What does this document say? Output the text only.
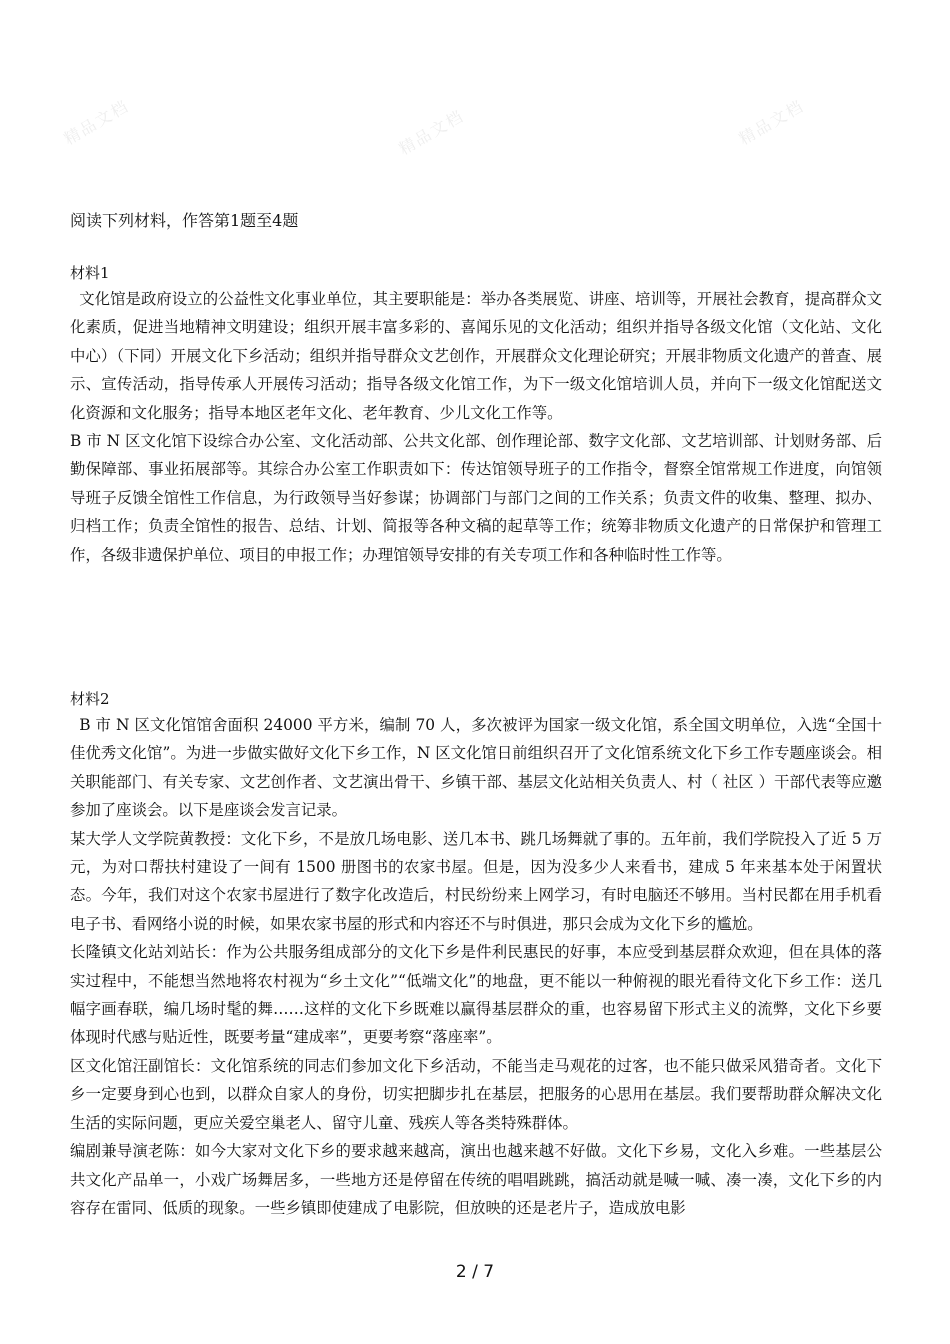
精品文档	精品文档	精品文档
阅读下列材料，作答第1题至4题
材料1

文化馆是政府设立的公益性文化事业单位，其主要职能是：举办各类展览、讲座、培训等，开展社会教育，提高群众文化素质，促进当地精神文明建设；组织开展丰富多彩的、喜闻乐见的文化活动；组织并指导各级文化馆（文化站、文化中心）（下同）开展文化下乡活动；组织并指导群众文艺创作，开展群众文化理论研究；开展非物质文化遗产的普查、展示、宣传活动，指导传承人开展传习活动；指导各级文化馆工作，为下一级文化馆培训人员，并向下一级文化馆配送文化资源和文化服务；指导本地区老年文化、老年教育、少儿文化工作等。

B 市 N 区文化馆下设综合办公室、文化活动部、公共文化部、创作理论部、数字文化部、文艺培训部、计划财务部、后勤保障部、事业拓展部等。其综合办公室工作职责如下：传达馆领导班子的工作指令，督察全馆常规工作进度，向馆领导班子反馈全馆性工作信息，为行政领导当好参谋；协调部门与部门之间的工作关系；负责文件的收集、整理、拟办、归档工作；负责全馆性的报告、总结、计划、简报等各种文稿的起草等工作；统筹非物质文化遗产的日常保护和管理工作，各级非遗保护单位、项目的申报工作；办理馆领导安排的有关专项工作和各种临时性工作等。

材料2

B 市 N 区文化馆馆舍面积 24000 平方米，编制 70 人，多次被评为国家一级文化馆，系全国文明单位，入选“全国十佳优秀文化馆”。为进一步做实做好文化下乡工作，N 区文化馆日前组织召开了文化馆系统文化下乡工作专题座谈会。相关职能部门、有关专家、文艺创作者、文艺演出骨干、乡镇干部、基层文化站相关负责人、村（ 社区 ）干部代表等应邀参加了座谈会。以下是座谈会发言记录。

某大学人文学院黄教授：文化下乡，不是放几场电影、送几本书、跳几场舞就了事的。五年前，我们学院投入了近 5 万元，为对口帮扶村建设了一间有 1500 册图书的农家书屋。但是，因为没多少人来看书，建成 5 年来基本处于闲置状态。今年，我们对这个农家书屋进行了数字化改造后，村民纷纷来上网学习，有时电脑还不够用。当村民都在用手机看电子书、看网络小说的时候，如果农家书屋的形式和内容还不与时俱进，那只会成为文化下乡的尴尬。

长隆镇文化站刘站长：作为公共服务组成部分的文化下乡是件利民惠民的好事，本应受到基层群众欢迎，但在具体的落实过程中，不能想当然地将农村视为“乡土文化”“低端文化”的地盘，更不能以一种俯视的眼光看待文化下乡工作：送几幅字画春联，编几场时髦的舞……这样的文化下乡既难以赢得基层群众的重，也容易留下形式主义的流弊，文化下乡要体现时代感与贴近性，既要考量“建成率”，更要考察“落座率”。

区文化馆汪副馆长：文化馆系统的同志们参加文化下乡活动，不能当走马观花的过客，也不能只做采风猎奇者。文化下乡一定要身到心也到，以群众自家人的身份，切实把脚步扎在基层，把服务的心思用在基层。我们要帮助群众解决文化生活的实际问题，更应关爱空巢老人、留守儿童、残疾人等各类特殊群体。

编剧兼导演老陈：如今大家对文化下乡的要求越来越高，演出也越来越不好做。文化下乡易，文化入乡难。一些基层公共文化产品单一，小戏广场舞居多，一些地方还是停留在传统的唱唱跳跳，搞活动就是喊一喊、凑一凑，文化下乡的内容存在雷同、低质的现象。一些乡镇即使建成了电影院，但放映的还是老片子，造成放电影

2 / 7
